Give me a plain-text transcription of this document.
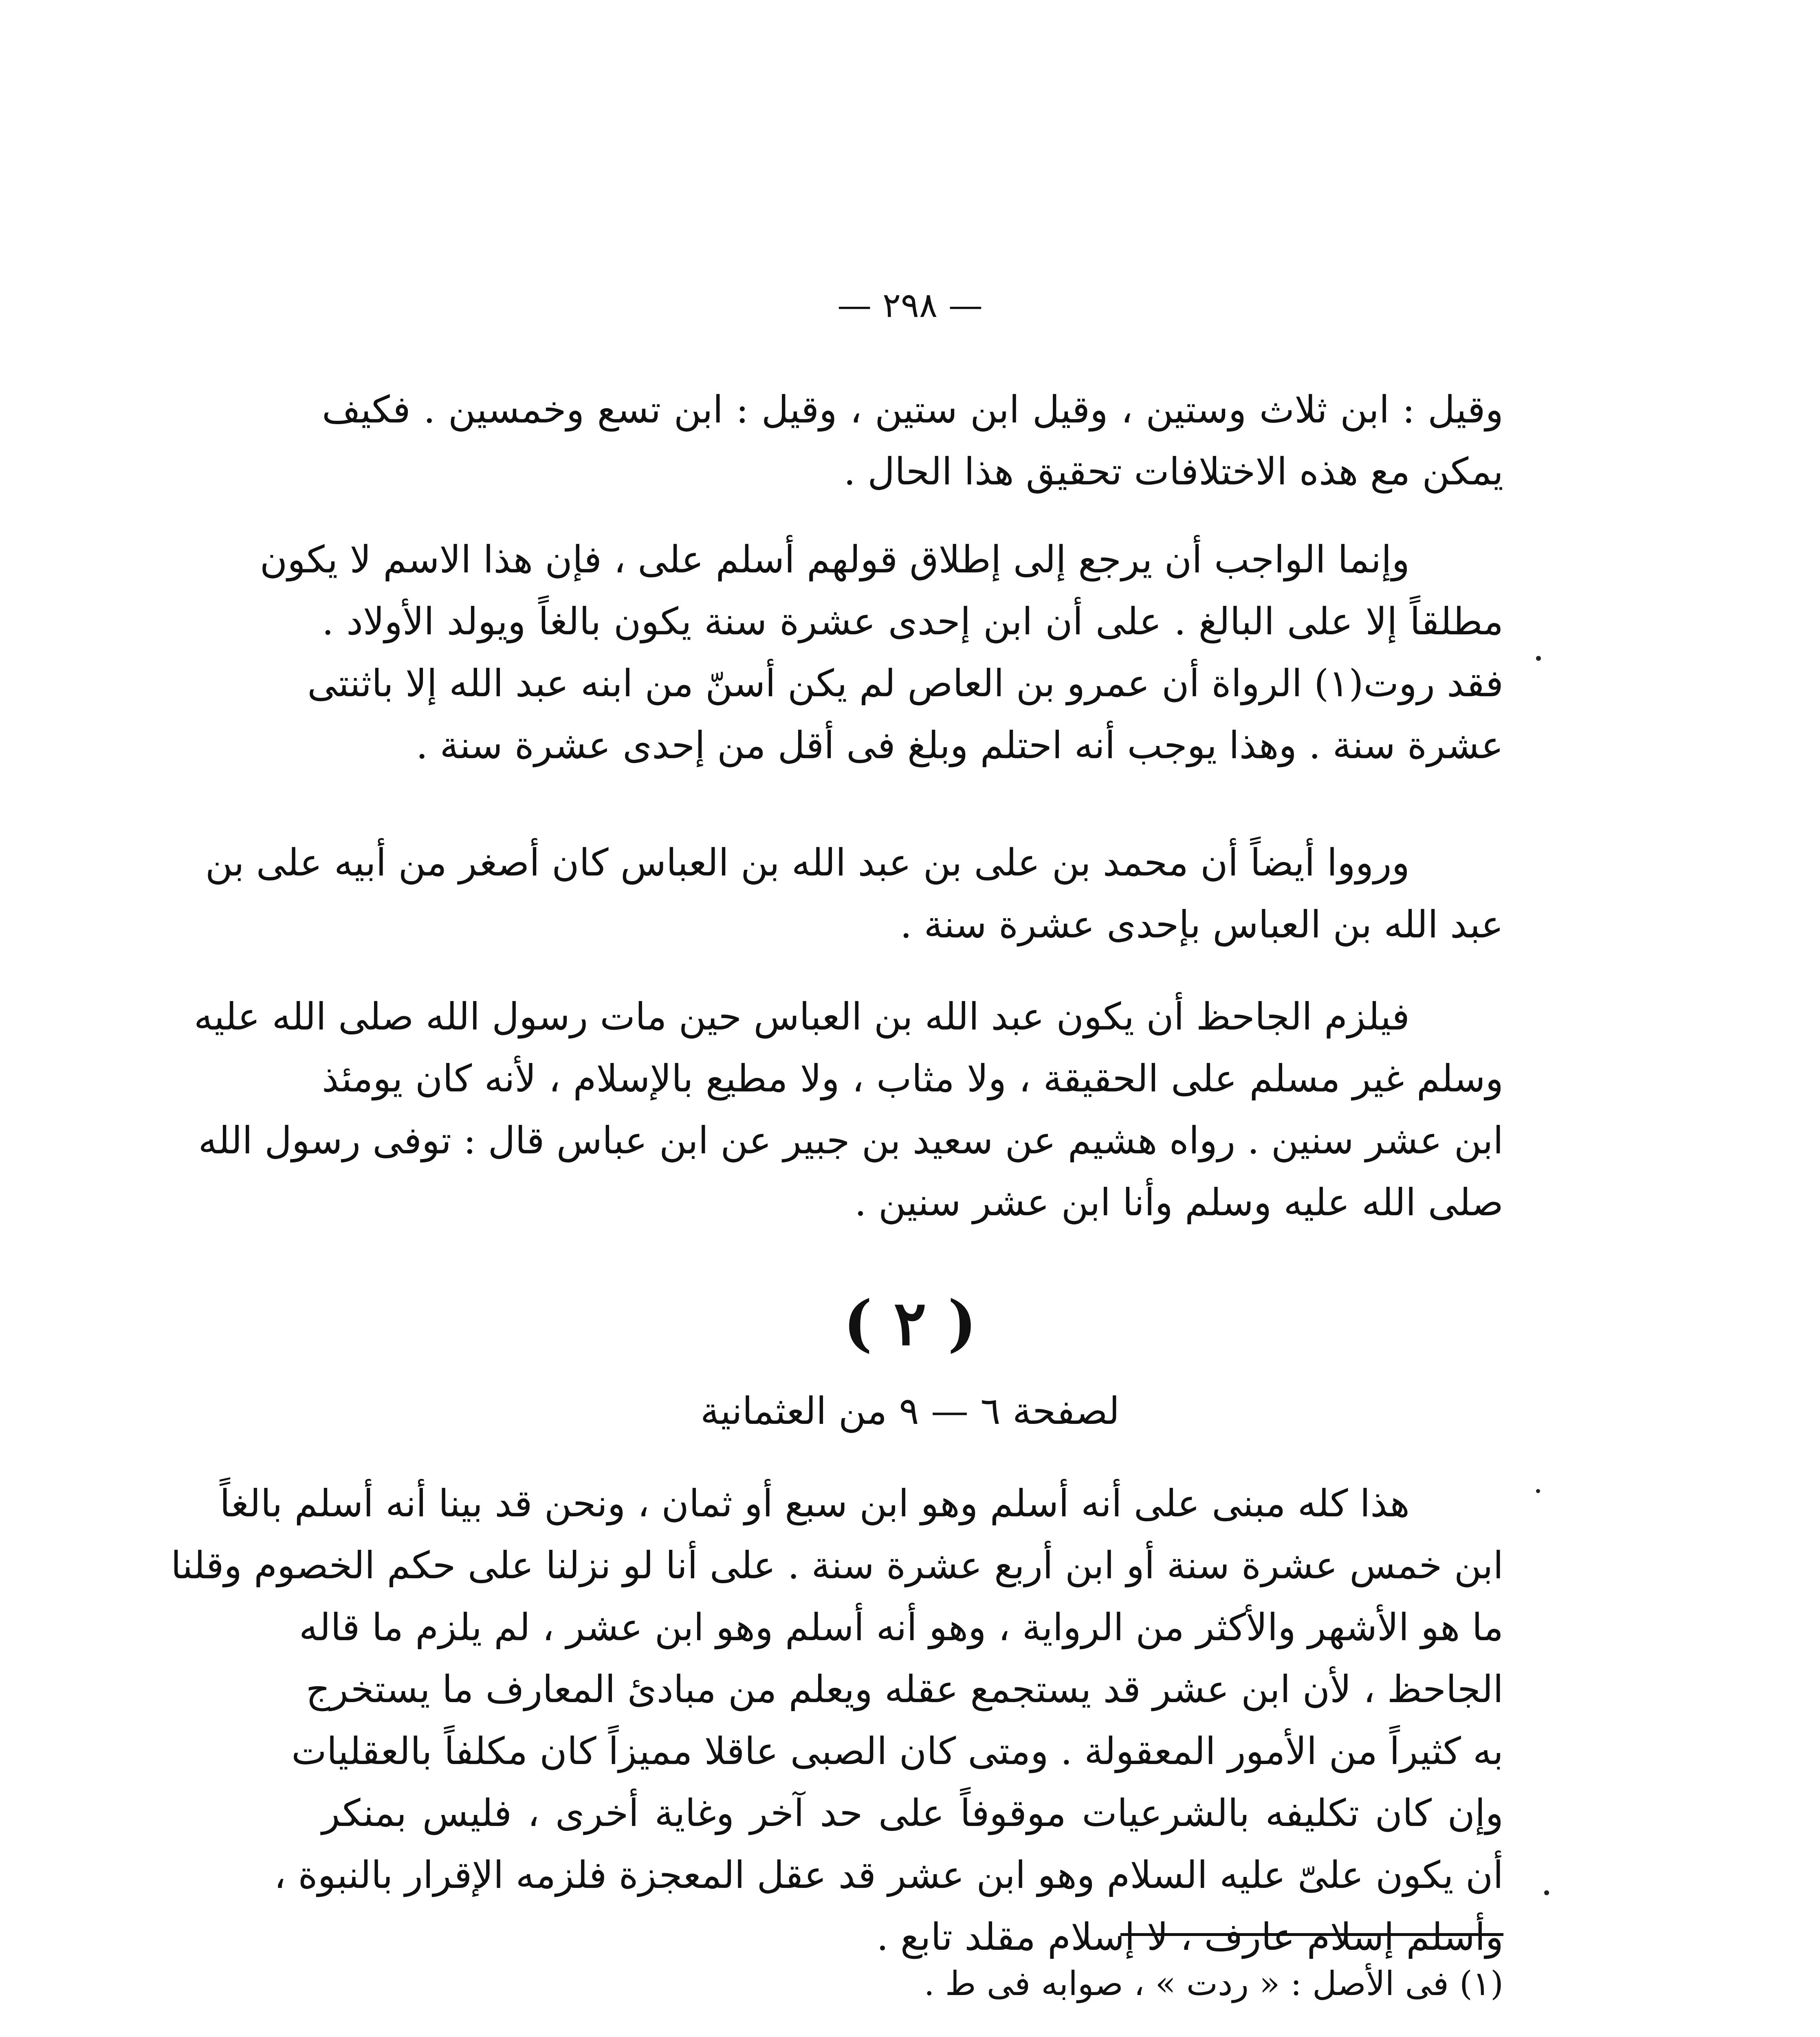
— ٢٩٨ —
وقيل : ابن ثلاث وستين ، وقيل ابن ستين ، وقيل : ابن تسع وخمسين . فكيف
يمكن مع هذه الاختلافات تحقيق هذا الحال .
وإنما الواجب أن يرجع إلى إطلاق قولهم أسلم على ، فإن هذا الاسم لا يكون
مطلقاً إلا على البالغ . على أن ابن إحدى عشرة سنة يكون بالغاً ويولد الأولاد .
فقد روت(١) الرواة أن عمرو بن العاص لم يكن أسنّ من ابنه عبد الله إلا باثنتى
عشرة سنة . وهذا يوجب أنه احتلم وبلغ فى أقل من إحدى عشرة سنة .
ورووا أيضاً أن محمد بن على بن عبد الله بن العباس كان أصغر من أبيه على بن
عبد الله بن العباس بإحدى عشرة سنة .
فيلزم الجاحظ أن يكون عبد الله بن العباس حين مات رسول الله صلى الله عليه
وسلم غير مسلم على الحقيقة ، ولا مثاب ، ولا مطيع بالإسلام ، لأنه كان يومئذ
ابن عشر سنين . رواه هشيم عن سعيد بن جبير عن ابن عباس قال : توفى رسول الله
صلى الله عليه وسلم وأنا ابن عشر سنين .
( ٢ )
لصفحة ٦ — ٩ من العثمانية
هذا كله مبنى على أنه أسلم وهو ابن سبع أو ثمان ، ونحن قد بينا أنه أسلم بالغاً
ابن خمس عشرة سنة أو ابن أربع عشرة سنة . على أنا لو نزلنا على حكم الخصوم وقلنا
ما هو الأشهر والأكثر من الرواية ، وهو أنه أسلم وهو ابن عشر ، لم يلزم ما قاله
الجاحظ ، لأن ابن عشر قد يستجمع عقله ويعلم من مبادئ المعارف ما يستخرج
به كثيراً من الأمور المعقولة . ومتى كان الصبى عاقلا مميزاً كان مكلفاً بالعقليات
وإن كان تكليفه بالشرعيات موقوفاً على حد آخر وغاية أخرى ، فليس بمنكر
أن يكون علىّ عليه السلام وهو ابن عشر قد عقل المعجزة فلزمه الإقرار بالنبوة ،
وأسلم إسلام عارف ، لا إسلام مقلد تابع .
(١) فى الأصل : « ردت » ، صوابه فى ط .
